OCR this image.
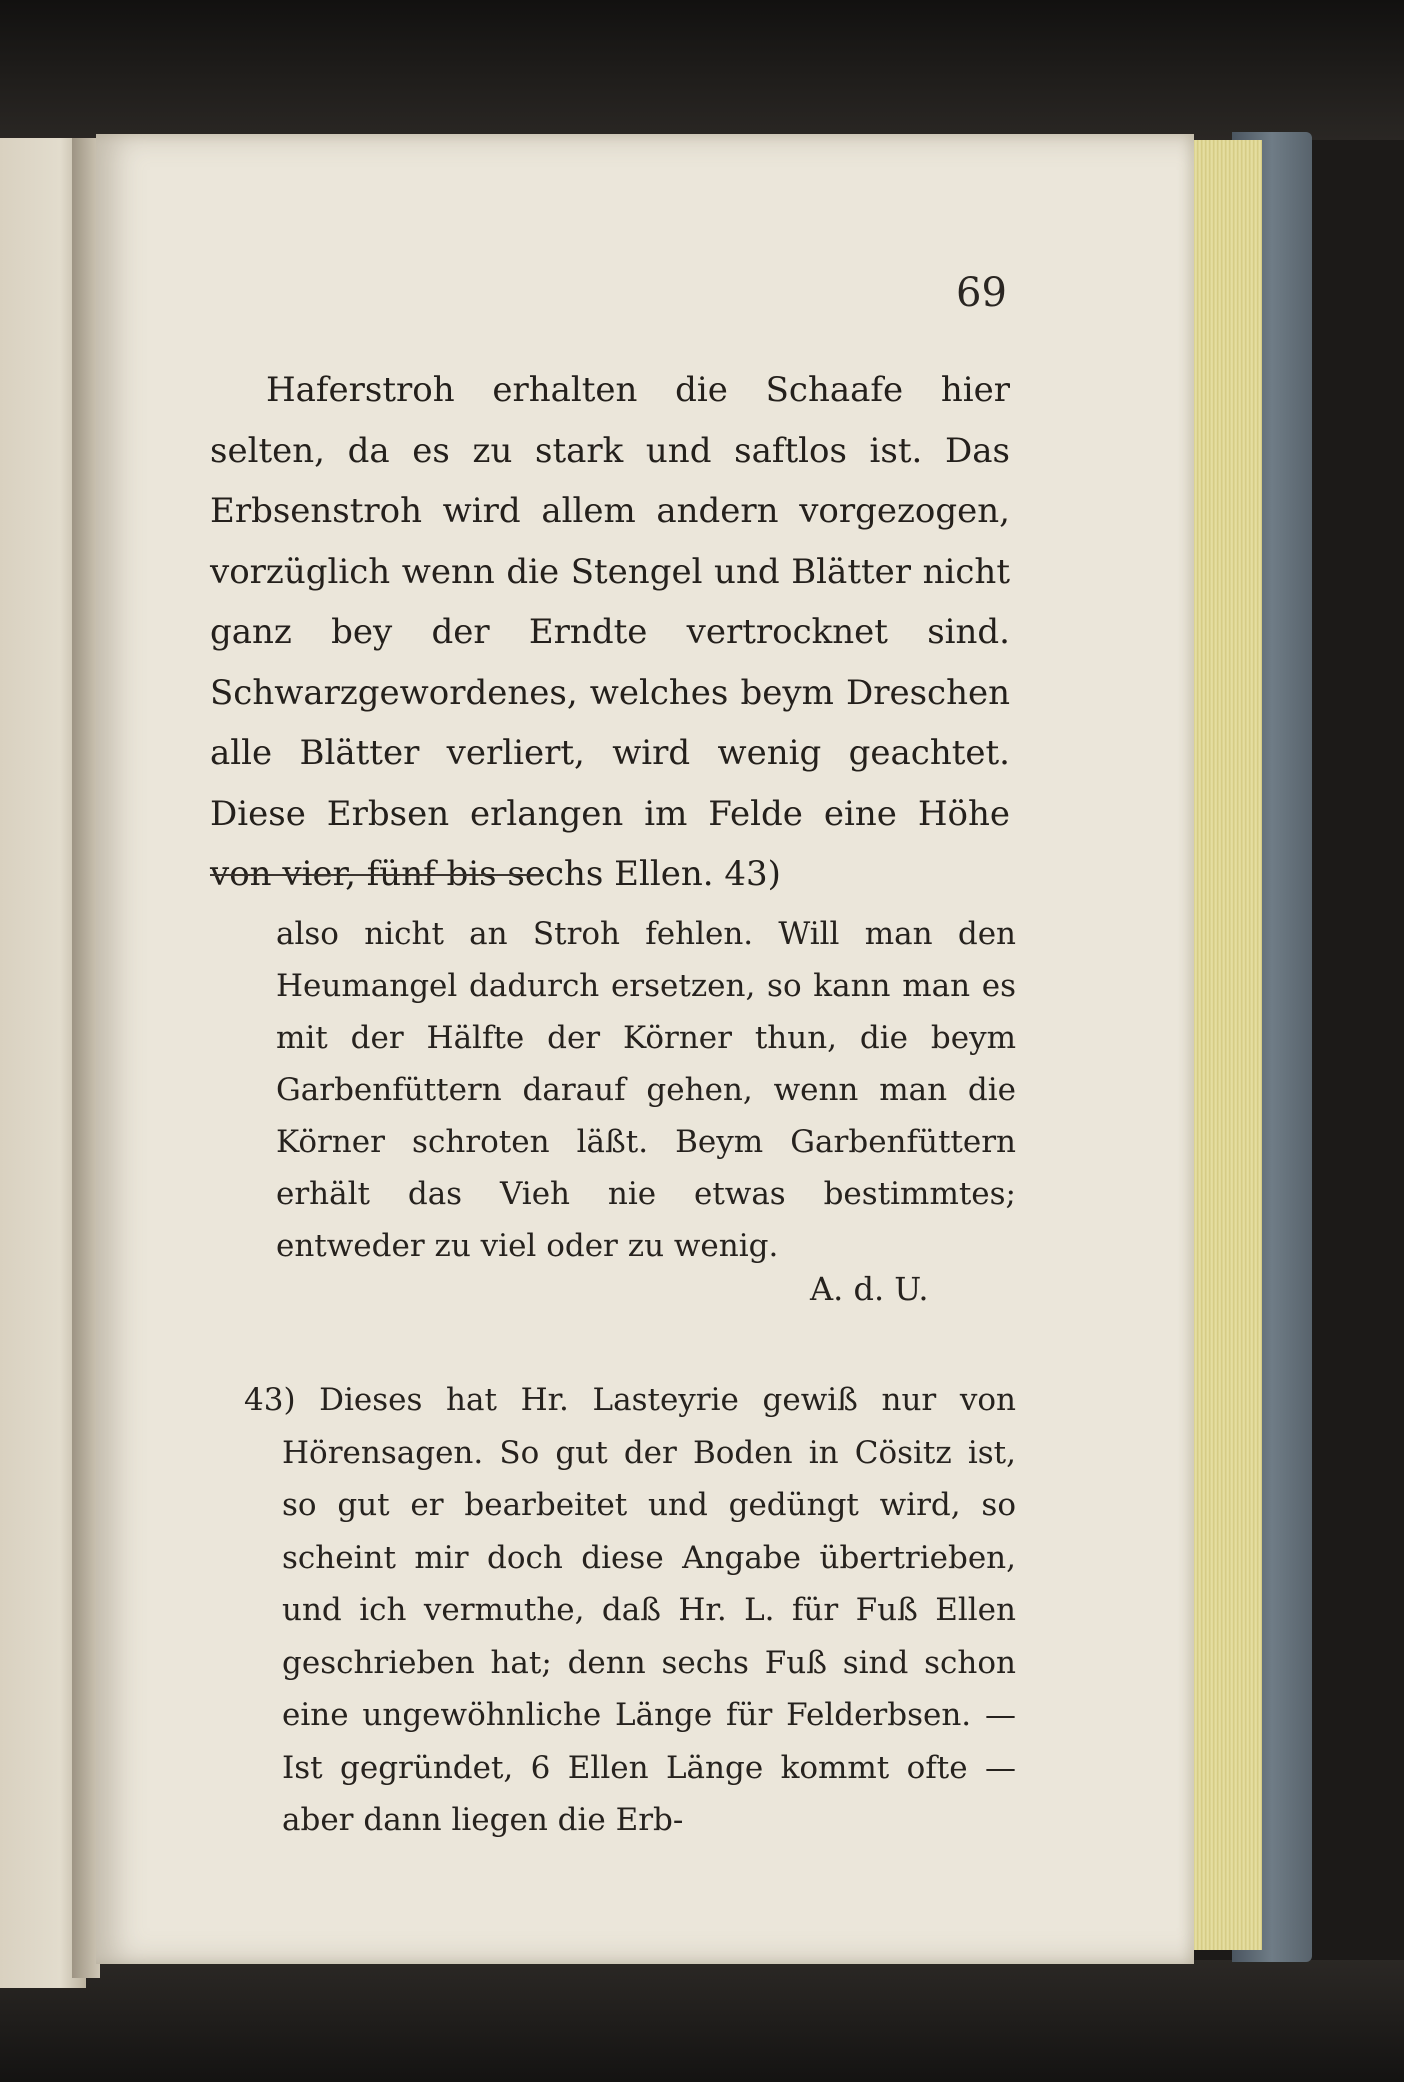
69

Haferstroh erhalten die Schaafe hier selten, da es zu stark und saftlos ist. Das Erbsenstroh wird allem andern vorgezogen, vorzüglich wenn die Stengel und Blätter nicht ganz bey der Erndte vertrocknet sind. Schwarzgewordenes, welches beym Dreschen alle Blätter verliert, wird wenig geachtet. Diese Erbsen erlangen im Felde eine Höhe von vier, fünf bis sechs Ellen. 43)

also nicht an Stroh fehlen. Will man den Heumangel dadurch ersetzen, so kann man es mit der Hälfte der Körner thun, die beym Garbenfüttern darauf gehen, wenn man die Körner schroten läßt. Beym Garbenfüttern erhält das Vieh nie etwas bestimmtes; entweder zu viel oder zu wenig.

A. d. U.

43) Dieses hat Hr. Lasteyrie gewiß nur von Hörensagen. So gut der Boden in Cösitz ist, so gut er bearbeitet und gedüngt wird, so scheint mir doch diese Angabe übertrieben, und ich vermuthe, daß Hr. L. für Fuß Ellen geschrieben hat; denn sechs Fuß sind schon eine ungewöhnliche Länge für Felderbsen. — Ist gegründet, 6 Ellen Länge kommt ofte — aber dann liegen die Erb-
